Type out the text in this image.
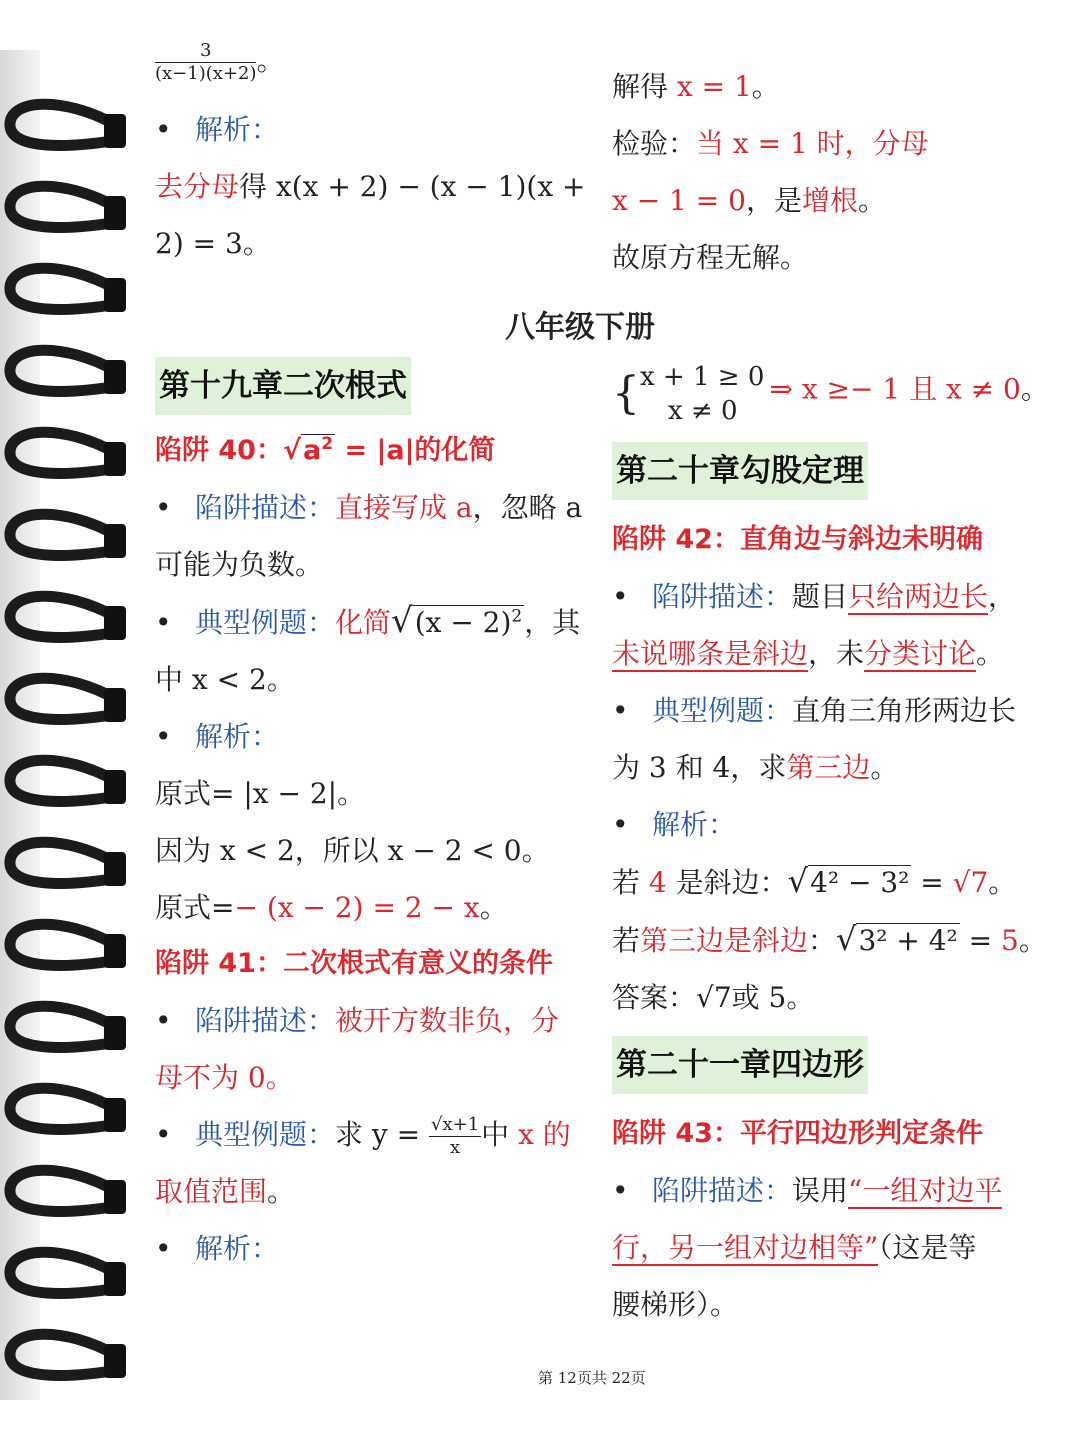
$\frac{3}{(x-1)(x+2)}$ 。
• 解析：
去分母得 x(x + 2) − (x − 1)(x +
2) = 3。
第十九章二次根式
陷阱 40：$√a^2 = |a|$的化简
• 陷阱描述：直接写成 a，忽略 a
可能为负数。
• 典型例题：化简$√(x - 2)^2$，其
中 x < 2。
• 解析：
原式= |x − 2|。
因为 x < 2，所以 x − 2 < 0。
原式=− (x − 2) = 2 − x。
陷阱 41：二次根式有意义的条件
• 陷阱描述：被开方数非负，分
母不为 0。
• 典型例题：求 $y = \frac{√x+1}{x}$ 中 x 的
取值范围。
• 解析：
八年级下册
解得 x = 1。
检验：当 x = 1 时，分母
x − 1 = 0，是增根。
故原方程无解。
{ x + 1 ≥ 0
x ≠ 0
⇒ x ≥− 1 且 x ≠ 0。
第二十章勾股定理
陷阱 42：直角边与斜边未明确
• 陷阱描述：题目只给两边长，
未说哪条是斜边，未分类讨论。
• 典型例题：直角三角形两边长
为 3 和 4，求第三边。
• 解析：
若 4 是斜边：√4² − 3² = √7。
若第三边是斜边：√3² + 4² = 5。
答案：√7或 5。
第二十一章四边形
陷阱 43：平行四边形判定条件
• 陷阱描述：误用“一组对边平
行，另一组对边相等”（这是等
腰梯形）。
第 12页共 22页
